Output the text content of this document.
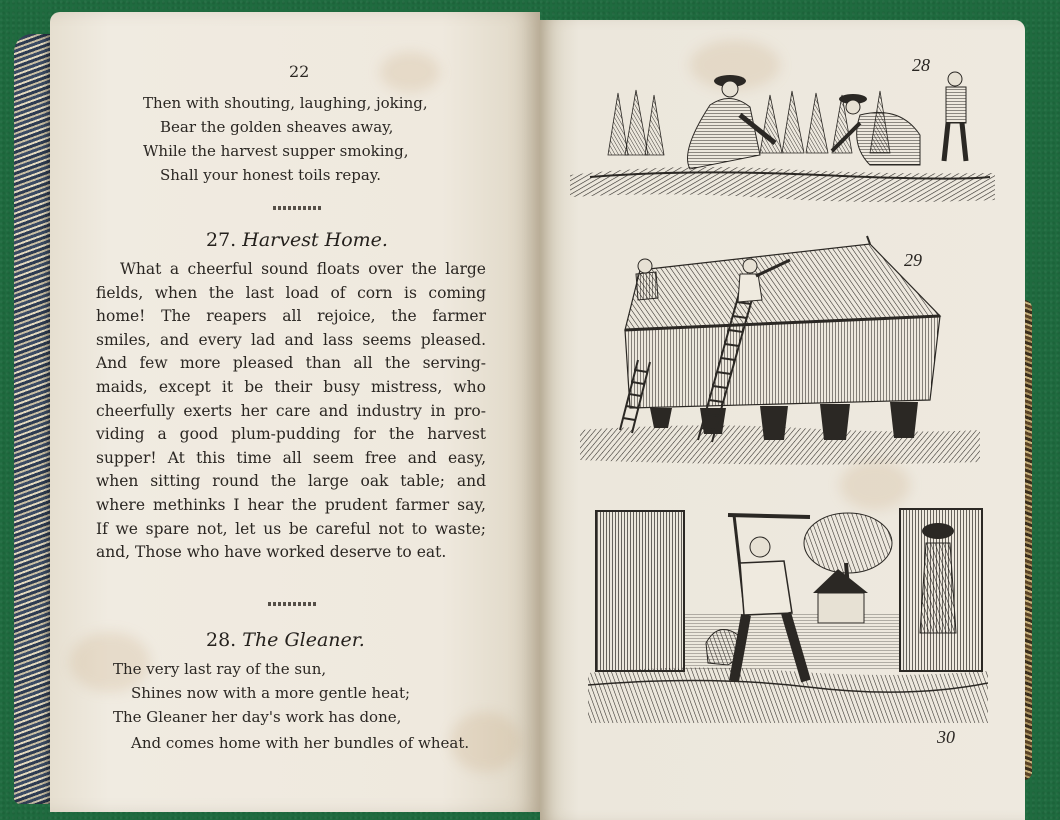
22
Then with shouting, laughing, joking,
Bear the golden sheaves away,
While the harvest supper smoking,
Shall your honest toils repay.
27. Harvest Home.
What a cheerful sound floats over the large
fields, when the last load of corn is coming
home! The reapers all rejoice, the farmer
smiles, and every lad and lass seems pleased.
And few more pleased than all the serving-
maids, except it be their busy mistress, who
cheerfully exerts her care and industry in pro-
viding a good plum-pudding for the harvest
supper! At this time all seem free and easy,
when sitting round the large oak table; and
where methinks I hear the prudent farmer say,
If we spare not, let us be careful not to waste;
and, Those who have worked deserve to eat.
28. The Gleaner.
The very last ray of the sun,
Shines now with a more gentle heat;
The Gleaner her day's work has done,
And comes home with her bundles of wheat.
28
29
30
